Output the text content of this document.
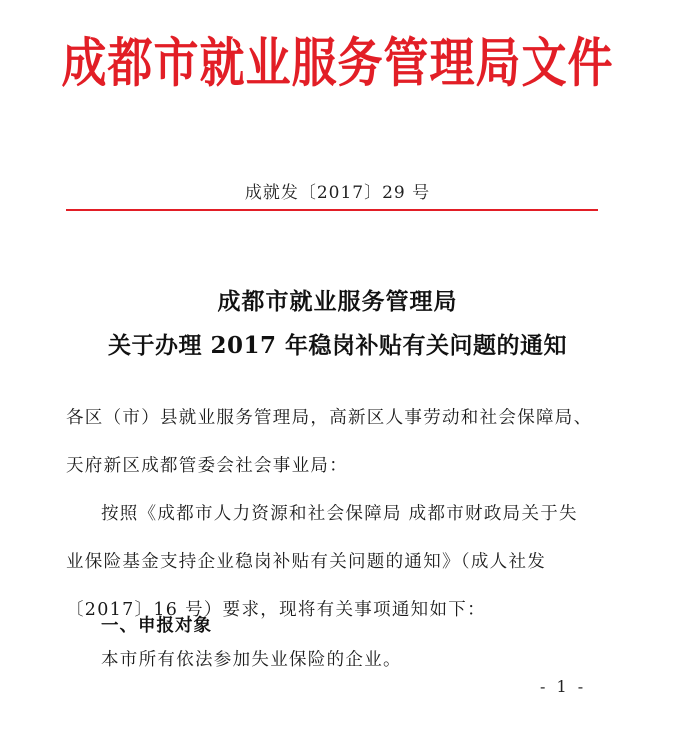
成都市就业服务管理局文件
成就发〔2017〕29 号
成都市就业服务管理局
关于办理 2017 年稳岗补贴有关问题的通知
各区（市）县就业服务管理局，高新区人事劳动和社会保障局、
天府新区成都管委会社会事业局：
按照《成都市人力资源和社会保障局 成都市财政局关于失
业保险基金支持企业稳岗补贴有关问题的通知》（成人社发
〔2017〕16 号）要求，现将有关事项通知如下：
一、申报对象
本市所有依法参加失业保险的企业。
- 1 -
